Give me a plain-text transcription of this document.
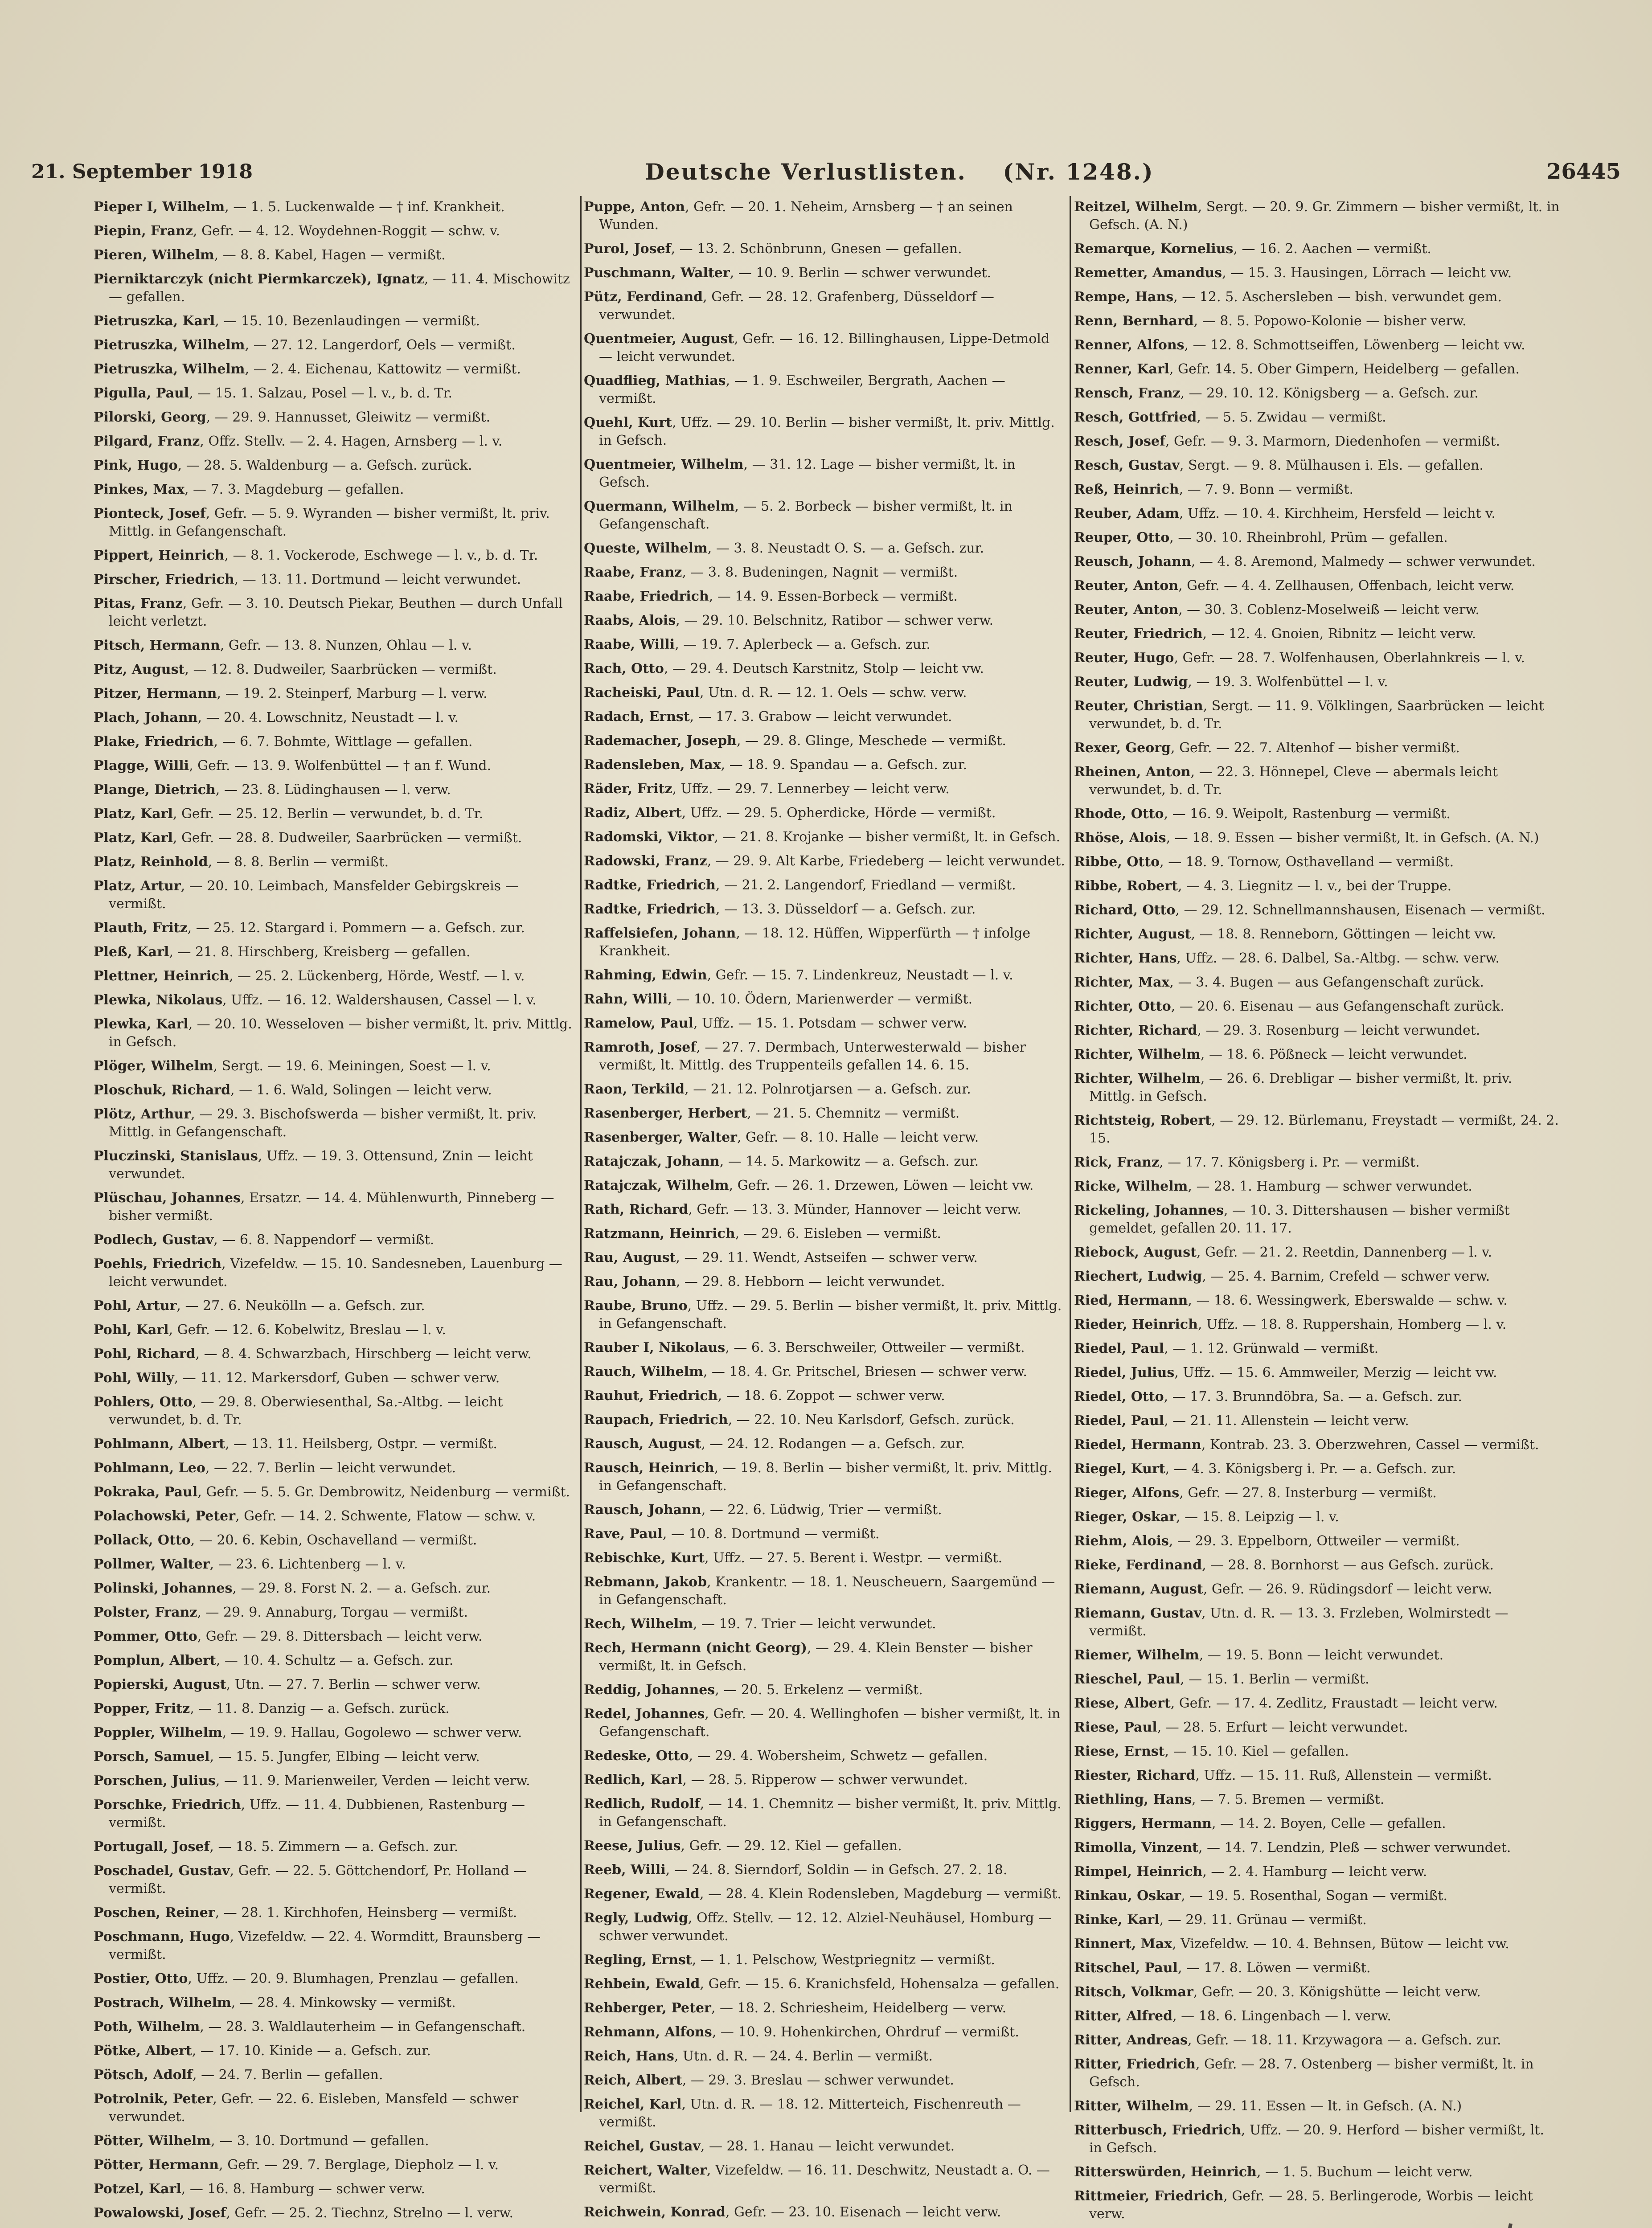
21. September 1918	Deutsche Verlustlisten. (Nr. 1248.)	26445

Pieper I, Wilhelm, — 1. 5. Luckenwalde — † inf. Krankheit.

Piepin, Franz, Gefr. — 4. 12. Woydehnen-Roggit — schw. v.

Pieren, Wilhelm, — 8. 8. Kabel, Hagen — vermißt.

Pierniktarczyk (nicht Piermkarczek), Ignatz, — 11. 4. Mischowitz — gefallen.

Pietruszka, Karl, — 15. 10. Bezenlaudingen — vermißt.

Pietruszka, Wilhelm, — 27. 12. Langerdorf, Oels — vermißt.

Pietruszka, Wilhelm, — 2. 4. Eichenau, Kattowitz — vermißt.

Pigulla, Paul, — 15. 1. Salzau, Posel — l. v., b. d. Tr.

Pilorski, Georg, — 29. 9. Hannusset, Gleiwitz — vermißt.

Pilgard, Franz, Offz. Stellv. — 2. 4. Hagen, Arnsberg — l. v.

Pink, Hugo, — 28. 5. Waldenburg — a. Gefsch. zurück.

Pinkes, Max, — 7. 3. Magdeburg — gefallen.

Pionteck, Josef, Gefr. — 5. 9. Wyranden — bisher vermißt, lt. priv. Mittlg. in Gefangenschaft.

Pippert, Heinrich, — 8. 1. Vockerode, Eschwege — l. v., b. d. Tr.

Pirscher, Friedrich, — 13. 11. Dortmund — leicht verwundet.

Pitas, Franz, Gefr. — 3. 10. Deutsch Piekar, Beuthen — durch Unfall leicht verletzt.

Pitsch, Hermann, Gefr. — 13. 8. Nunzen, Ohlau — l. v.

Pitz, August, — 12. 8. Dudweiler, Saarbrücken — vermißt.

Pitzer, Hermann, — 19. 2. Steinperf, Marburg — l. verw.

Plach, Johann, — 20. 4. Lowschnitz, Neustadt — l. v.

Plake, Friedrich, — 6. 7. Bohmte, Wittlage — gefallen.

Plagge, Willi, Gefr. — 13. 9. Wolfenbüttel — † an f. Wund.

Plange, Dietrich, — 23. 8. Lüdinghausen — l. verw.

Platz, Karl, Gefr. — 25. 12. Berlin — verwundet, b. d. Tr.

Platz, Karl, Gefr. — 28. 8. Dudweiler, Saarbrücken — vermißt.

Platz, Reinhold, — 8. 8. Berlin — vermißt.

Platz, Artur, — 20. 10. Leimbach, Mansfelder Gebirgskreis — vermißt.

Plauth, Fritz, — 25. 12. Stargard i. Pommern — a. Gefsch. zur.

Pleß, Karl, — 21. 8. Hirschberg, Kreisberg — gefallen.

Plettner, Heinrich, — 25. 2. Lückenberg, Hörde, Westf. — l. v.

Plewka, Nikolaus, Uffz. — 16. 12. Waldershausen, Cassel — l. v.

Plewka, Karl, — 20. 10. Wesseloven — bisher vermißt, lt. priv. Mittlg. in Gefsch.

Plöger, Wilhelm, Sergt. — 19. 6. Meiningen, Soest — l. v.

Ploschuk, Richard, — 1. 6. Wald, Solingen — leicht verw.

Plötz, Arthur, — 29. 3. Bischofswerda — bisher vermißt, lt. priv. Mittlg. in Gefangenschaft.

Pluczinski, Stanislaus, Uffz. — 19. 3. Ottensund, Znin — leicht verwundet.

Plüschau, Johannes, Ersatzr. — 14. 4. Mühlenwurth, Pinneberg — bisher vermißt.

Podlech, Gustav, — 6. 8. Nappendorf — vermißt.

Poehls, Friedrich, Vizefeldw. — 15. 10. Sandesneben, Lauenburg — leicht verwundet.

Pohl, Artur, — 27. 6. Neukölln — a. Gefsch. zur.

Pohl, Karl, Gefr. — 12. 6. Kobelwitz, Breslau — l. v.

Pohl, Richard, — 8. 4. Schwarzbach, Hirschberg — leicht verw.

Pohl, Willy, — 11. 12. Markersdorf, Guben — schwer verw.

Pohlers, Otto, — 29. 8. Oberwiesenthal, Sa.-Altbg. — leicht verwundet, b. d. Tr.

Pohlmann, Albert, — 13. 11. Heilsberg, Ostpr. — vermißt.

Pohlmann, Leo, — 22. 7. Berlin — leicht verwundet.

Pokraka, Paul, Gefr. — 5. 5. Gr. Dembrowitz, Neidenburg — vermißt.

Polachowski, Peter, Gefr. — 14. 2. Schwente, Flatow — schw. v.

Pollack, Otto, — 20. 6. Kebin, Oschavelland — vermißt.

Pollmer, Walter, — 23. 6. Lichtenberg — l. v.

Polinski, Johannes, — 29. 8. Forst N. 2. — a. Gefsch. zur.

Polster, Franz, — 29. 9. Annaburg, Torgau — vermißt.

Pommer, Otto, Gefr. — 29. 8. Dittersbach — leicht verw.

Pomplun, Albert, — 10. 4. Schultz — a. Gefsch. zur.

Popierski, August, Utn. — 27. 7. Berlin — schwer verw.

Popper, Fritz, — 11. 8. Danzig — a. Gefsch. zurück.

Poppler, Wilhelm, — 19. 9. Hallau, Gogolewo — schwer verw.

Porsch, Samuel, — 15. 5. Jungfer, Elbing — leicht verw.

Porschen, Julius, — 11. 9. Marienweiler, Verden — leicht verw.

Porschke, Friedrich, Uffz. — 11. 4. Dubbienen, Rastenburg — vermißt.

Portugall, Josef, — 18. 5. Zimmern — a. Gefsch. zur.

Poschadel, Gustav, Gefr. — 22. 5. Göttchendorf, Pr. Holland — vermißt.

Poschen, Reiner, — 28. 1. Kirchhofen, Heinsberg — vermißt.

Poschmann, Hugo, Vizefeldw. — 22. 4. Wormditt, Braunsberg — vermißt.

Postier, Otto, Uffz. — 20. 9. Blumhagen, Prenzlau — gefallen.

Postrach, Wilhelm, — 28. 4. Minkowsky — vermißt.

Poth, Wilhelm, — 28. 3. Waldlauterheim — in Gefangenschaft.

Pötke, Albert, — 17. 10. Kinide — a. Gefsch. zur.

Pötsch, Adolf, — 24. 7. Berlin — gefallen.

Potrolnik, Peter, Gefr. — 22. 6. Eisleben, Mansfeld — schwer verwundet.

Pötter, Wilhelm, — 3. 10. Dortmund — gefallen.

Pötter, Hermann, Gefr. — 29. 7. Berglage, Diepholz — l. v.

Potzel, Karl, — 16. 8. Hamburg — schwer verw.

Powalowski, Josef, Gefr. — 25. 2. Tiechnz, Strelno — l. verw.

Puppe, Anton, Gefr. — 20. 1. Neheim, Arnsberg — † an seinen Wunden.

Purol, Josef, — 13. 2. Schönbrunn, Gnesen — gefallen.

Puschmann, Walter, — 10. 9. Berlin — schwer verwundet.

Pütz, Ferdinand, Gefr. — 28. 12. Grafenberg, Düsseldorf — verwundet.

Quentmeier, August, Gefr. — 16. 12. Billinghausen, Lippe-Detmold — leicht verwundet.

Quadflieg, Mathias, — 1. 9. Eschweiler, Bergrath, Aachen — vermißt.

Quehl, Kurt, Uffz. — 29. 10. Berlin — bisher vermißt, lt. priv. Mittlg. in Gefsch.

Quentmeier, Wilhelm, — 31. 12. Lage — bisher vermißt, lt. in Gefsch.

Quermann, Wilhelm, — 5. 2. Borbeck — bisher vermißt, lt. in Gefangenschaft.

Queste, Wilhelm, — 3. 8. Neustadt O. S. — a. Gefsch. zur.

Raabe, Franz, — 3. 8. Budeningen, Nagnit — vermißt.

Raabe, Friedrich, — 14. 9. Essen-Borbeck — vermißt.

Raabs, Alois, — 29. 10. Belschnitz, Ratibor — schwer verw.

Raabe, Willi, — 19. 7. Aplerbeck — a. Gefsch. zur.

Rach, Otto, — 29. 4. Deutsch Karstnitz, Stolp — leicht vw.

Racheiski, Paul, Utn. d. R. — 12. 1. Oels — schw. verw.

Radach, Ernst, — 17. 3. Grabow — leicht verwundet.

Rademacher, Joseph, — 29. 8. Glinge, Meschede — vermißt.

Radensleben, Max, — 18. 9. Spandau — a. Gefsch. zur.

Räder, Fritz, Uffz. — 29. 7. Lennerbey — leicht verw.

Radiz, Albert, Uffz. — 29. 5. Opherdicke, Hörde — vermißt.

Radomski, Viktor, — 21. 8. Krojanke — bisher vermißt, lt. in Gefsch.

Radowski, Franz, — 29. 9. Alt Karbe, Friedeberg — leicht verwundet.

Radtke, Friedrich, — 21. 2. Langendorf, Friedland — vermißt.

Radtke, Friedrich, — 13. 3. Düsseldorf — a. Gefsch. zur.

Raffelsiefen, Johann, — 18. 12. Hüffen, Wipperfürth — † infolge Krankheit.

Rahming, Edwin, Gefr. — 15. 7. Lindenkreuz, Neustadt — l. v.

Rahn, Willi, — 10. 10. Ödern, Marienwerder — vermißt.

Ramelow, Paul, Uffz. — 15. 1. Potsdam — schwer verw.

Ramroth, Josef, — 27. 7. Dermbach, Unterwesterwald — bisher vermißt, lt. Mittlg. des Truppenteils gefallen 14. 6. 15.

Raon, Terkild, — 21. 12. Polnrotjarsen — a. Gefsch. zur.

Rasenberger, Herbert, — 21. 5. Chemnitz — vermißt.

Rasenberger, Walter, Gefr. — 8. 10. Halle — leicht verw.

Ratajczak, Johann, — 14. 5. Markowitz — a. Gefsch. zur.

Ratajczak, Wilhelm, Gefr. — 26. 1. Drzewen, Löwen — leicht vw.

Rath, Richard, Gefr. — 13. 3. Münder, Hannover — leicht verw.

Ratzmann, Heinrich, — 29. 6. Eisleben — vermißt.

Rau, August, — 29. 11. Wendt, Astseifen — schwer verw.

Rau, Johann, — 29. 8. Hebborn — leicht verwundet.

Raube, Bruno, Uffz. — 29. 5. Berlin — bisher vermißt, lt. priv. Mittlg. in Gefangenschaft.

Rauber I, Nikolaus, — 6. 3. Berschweiler, Ottweiler — vermißt.

Rauch, Wilhelm, — 18. 4. Gr. Pritschel, Briesen — schwer verw.

Rauhut, Friedrich, — 18. 6. Zoppot — schwer verw.

Raupach, Friedrich, — 22. 10. Neu Karlsdorf, Gefsch. zurück.

Rausch, August, — 24. 12. Rodangen — a. Gefsch. zur.

Rausch, Heinrich, — 19. 8. Berlin — bisher vermißt, lt. priv. Mittlg. in Gefangenschaft.

Rausch, Johann, — 22. 6. Lüdwig, Trier — vermißt.

Rave, Paul, — 10. 8. Dortmund — vermißt.

Rebischke, Kurt, Uffz. — 27. 5. Berent i. Westpr. — vermißt.

Rebmann, Jakob, Krankentr. — 18. 1. Neuscheuern, Saargemünd — in Gefangenschaft.

Rech, Wilhelm, — 19. 7. Trier — leicht verwundet.

Rech, Hermann (nicht Georg), — 29. 4. Klein Benster — bisher vermißt, lt. in Gefsch.

Reddig, Johannes, — 20. 5. Erkelenz — vermißt.

Redel, Johannes, Gefr. — 20. 4. Wellinghofen — bisher vermißt, lt. in Gefangenschaft.

Redeske, Otto, — 29. 4. Wobersheim, Schwetz — gefallen.

Redlich, Karl, — 28. 5. Ripperow — schwer verwundet.

Redlich, Rudolf, — 14. 1. Chemnitz — bisher vermißt, lt. priv. Mittlg. in Gefangenschaft.

Reese, Julius, Gefr. — 29. 12. Kiel — gefallen.

Reeb, Willi, — 24. 8. Sierndorf, Soldin — in Gefsch. 27. 2. 18.

Regener, Ewald, — 28. 4. Klein Rodensleben, Magdeburg — vermißt.

Regly, Ludwig, Offz. Stellv. — 12. 12. Alziel-Neuhäusel, Homburg — schwer verwundet.

Regling, Ernst, — 1. 1. Pelschow, Westpriegnitz — vermißt.

Rehbein, Ewald, Gefr. — 15. 6. Kranichsfeld, Hohensalza — gefallen.

Rehberger, Peter, — 18. 2. Schriesheim, Heidelberg — verw.

Rehmann, Alfons, — 10. 9. Hohenkirchen, Ohrdruf — vermißt.

Reich, Hans, Utn. d. R. — 24. 4. Berlin — vermißt.

Reich, Albert, — 29. 3. Breslau — schwer verwundet.

Reichel, Karl, Utn. d. R. — 18. 12. Mitterteich, Fischenreuth — vermißt.

Reichel, Gustav, — 28. 1. Hanau — leicht verwundet.

Reichert, Walter, Vizefeldw. — 16. 11. Deschwitz, Neustadt a. O. — vermißt.

Reichwein, Konrad, Gefr. — 23. 10. Eisenach — leicht verw.

Reitzel, Wilhelm, Sergt. — 20. 9. Gr. Zimmern — bisher vermißt, lt. in Gefsch. (A. N.)

Remarque, Kornelius, — 16. 2. Aachen — vermißt.

Remetter, Amandus, — 15. 3. Hausingen, Lörrach — leicht vw.

Rempe, Hans, — 12. 5. Aschersleben — bish. verwundet gem.

Renn, Bernhard, — 8. 5. Popowo-Kolonie — bisher verw.

Renner, Alfons, — 12. 8. Schmottseiffen, Löwenberg — leicht vw.

Renner, Karl, Gefr. 14. 5. Ober Gimpern, Heidelberg — gefallen.

Rensch, Franz, — 29. 10. 12. Königsberg — a. Gefsch. zur.

Resch, Gottfried, — 5. 5. Zwidau — vermißt.

Resch, Josef, Gefr. — 9. 3. Marmorn, Diedenhofen — vermißt.

Resch, Gustav, Sergt. — 9. 8. Mülhausen i. Els. — gefallen.

Reß, Heinrich, — 7. 9. Bonn — vermißt.

Reuber, Adam, Uffz. — 10. 4. Kirchheim, Hersfeld — leicht v.

Reuper, Otto, — 30. 10. Rheinbrohl, Prüm — gefallen.

Reusch, Johann, — 4. 8. Aremond, Malmedy — schwer verwundet.

Reuter, Anton, Gefr. — 4. 4. Zellhausen, Offenbach, leicht verw.

Reuter, Anton, — 30. 3. Coblenz-Moselweiß — leicht verw.

Reuter, Friedrich, — 12. 4. Gnoien, Ribnitz — leicht verw.

Reuter, Hugo, Gefr. — 28. 7. Wolfenhausen, Oberlahnkreis — l. v.

Reuter, Ludwig, — 19. 3. Wolfenbüttel — l. v.

Reuter, Christian, Sergt. — 11. 9. Völklingen, Saarbrücken — leicht verwundet, b. d. Tr.

Rexer, Georg, Gefr. — 22. 7. Altenhof — bisher vermißt.

Rheinen, Anton, — 22. 3. Hönnepel, Cleve — abermals leicht verwundet, b. d. Tr.

Rhode, Otto, — 16. 9. Weipolt, Rastenburg — vermißt.

Rhöse, Alois, — 18. 9. Essen — bisher vermißt, lt. in Gefsch. (A. N.)

Ribbe, Otto, — 18. 9. Tornow, Osthavelland — vermißt.

Ribbe, Robert, — 4. 3. Liegnitz — l. v., bei der Truppe.

Richard, Otto, — 29. 12. Schnellmannshausen, Eisenach — vermißt.

Richter, August, — 18. 8. Renneborn, Göttingen — leicht vw.

Richter, Hans, Uffz. — 28. 6. Dalbel, Sa.-Altbg. — schw. verw.

Richter, Max, — 3. 4. Bugen — aus Gefangenschaft zurück.

Richter, Otto, — 20. 6. Eisenau — aus Gefangenschaft zurück.

Richter, Richard, — 29. 3. Rosenburg — leicht verwundet.

Richter, Wilhelm, — 18. 6. Pößneck — leicht verwundet.

Richter, Wilhelm, — 26. 6. Drebligar — bisher vermißt, lt. priv. Mittlg. in Gefsch.

Richtsteig, Robert, — 29. 12. Bürlemanu, Freystadt — vermißt, 24. 2. 15.

Rick, Franz, — 17. 7. Königsberg i. Pr. — vermißt.

Ricke, Wilhelm, — 28. 1. Hamburg — schwer verwundet.

Rickeling, Johannes, — 10. 3. Dittershausen — bisher vermißt gemeldet, gefallen 20. 11. 17.

Riebock, August, Gefr. — 21. 2. Reetdin, Dannenberg — l. v.

Riechert, Ludwig, — 25. 4. Barnim, Crefeld — schwer verw.

Ried, Hermann, — 18. 6. Wessingwerk, Eberswalde — schw. v.

Rieder, Heinrich, Uffz. — 18. 8. Ruppershain, Homberg — l. v.

Riedel, Paul, — 1. 12. Grünwald — vermißt.

Riedel, Julius, Uffz. — 15. 6. Ammweiler, Merzig — leicht vw.

Riedel, Otto, — 17. 3. Brunndöbra, Sa. — a. Gefsch. zur.

Riedel, Paul, — 21. 11. Allenstein — leicht verw.

Riedel, Hermann, Kontrab. 23. 3. Oberzwehren, Cassel — vermißt.

Riegel, Kurt, — 4. 3. Königsberg i. Pr. — a. Gefsch. zur.

Rieger, Alfons, Gefr. — 27. 8. Insterburg — vermißt.

Rieger, Oskar, — 15. 8. Leipzig — l. v.

Riehm, Alois, — 29. 3. Eppelborn, Ottweiler — vermißt.

Rieke, Ferdinand, — 28. 8. Bornhorst — aus Gefsch. zurück.

Riemann, August, Gefr. — 26. 9. Rüdingsdorf — leicht verw.

Riemann, Gustav, Utn. d. R. — 13. 3. Frzleben, Wolmirstedt — vermißt.

Riemer, Wilhelm, — 19. 5. Bonn — leicht verwundet.

Rieschel, Paul, — 15. 1. Berlin — vermißt.

Riese, Albert, Gefr. — 17. 4. Zedlitz, Fraustadt — leicht verw.

Riese, Paul, — 28. 5. Erfurt — leicht verwundet.

Riese, Ernst, — 15. 10. Kiel — gefallen.

Riester, Richard, Uffz. — 15. 11. Ruß, Allenstein — vermißt.

Riethling, Hans, — 7. 5. Bremen — vermißt.

Riggers, Hermann, — 14. 2. Boyen, Celle — gefallen.

Rimolla, Vinzent, — 14. 7. Lendzin, Pleß — schwer verwundet.

Rimpel, Heinrich, — 2. 4. Hamburg — leicht verw.

Rinkau, Oskar, — 19. 5. Rosenthal, Sogan — vermißt.

Rinke, Karl, — 29. 11. Grünau — vermißt.

Rinnert, Max, Vizefeldw. — 10. 4. Behnsen, Bütow — leicht vw.

Ritschel, Paul, — 17. 8. Löwen — vermißt.

Ritsch, Volkmar, Gefr. — 20. 3. Königshütte — leicht verw.

Ritter, Alfred, — 18. 6. Lingenbach — l. verw.

Ritter, Andreas, Gefr. — 18. 11. Krzywagora — a. Gefsch. zur.

Ritter, Friedrich, Gefr. — 28. 7. Ostenberg — bisher vermißt, lt. in Gefsch.

Ritter, Wilhelm, — 29. 11. Essen — lt. in Gefsch. (A. N.)

Ritterbusch, Friedrich, Uffz. — 20. 9. Herford — bisher vermißt, lt. in Gefsch.

Ritterswürden, Heinrich, — 1. 5. Buchum — leicht verw.

Rittmeier, Friedrich, Gefr. — 28. 5. Berlingerode, Worbis — leicht verw.
